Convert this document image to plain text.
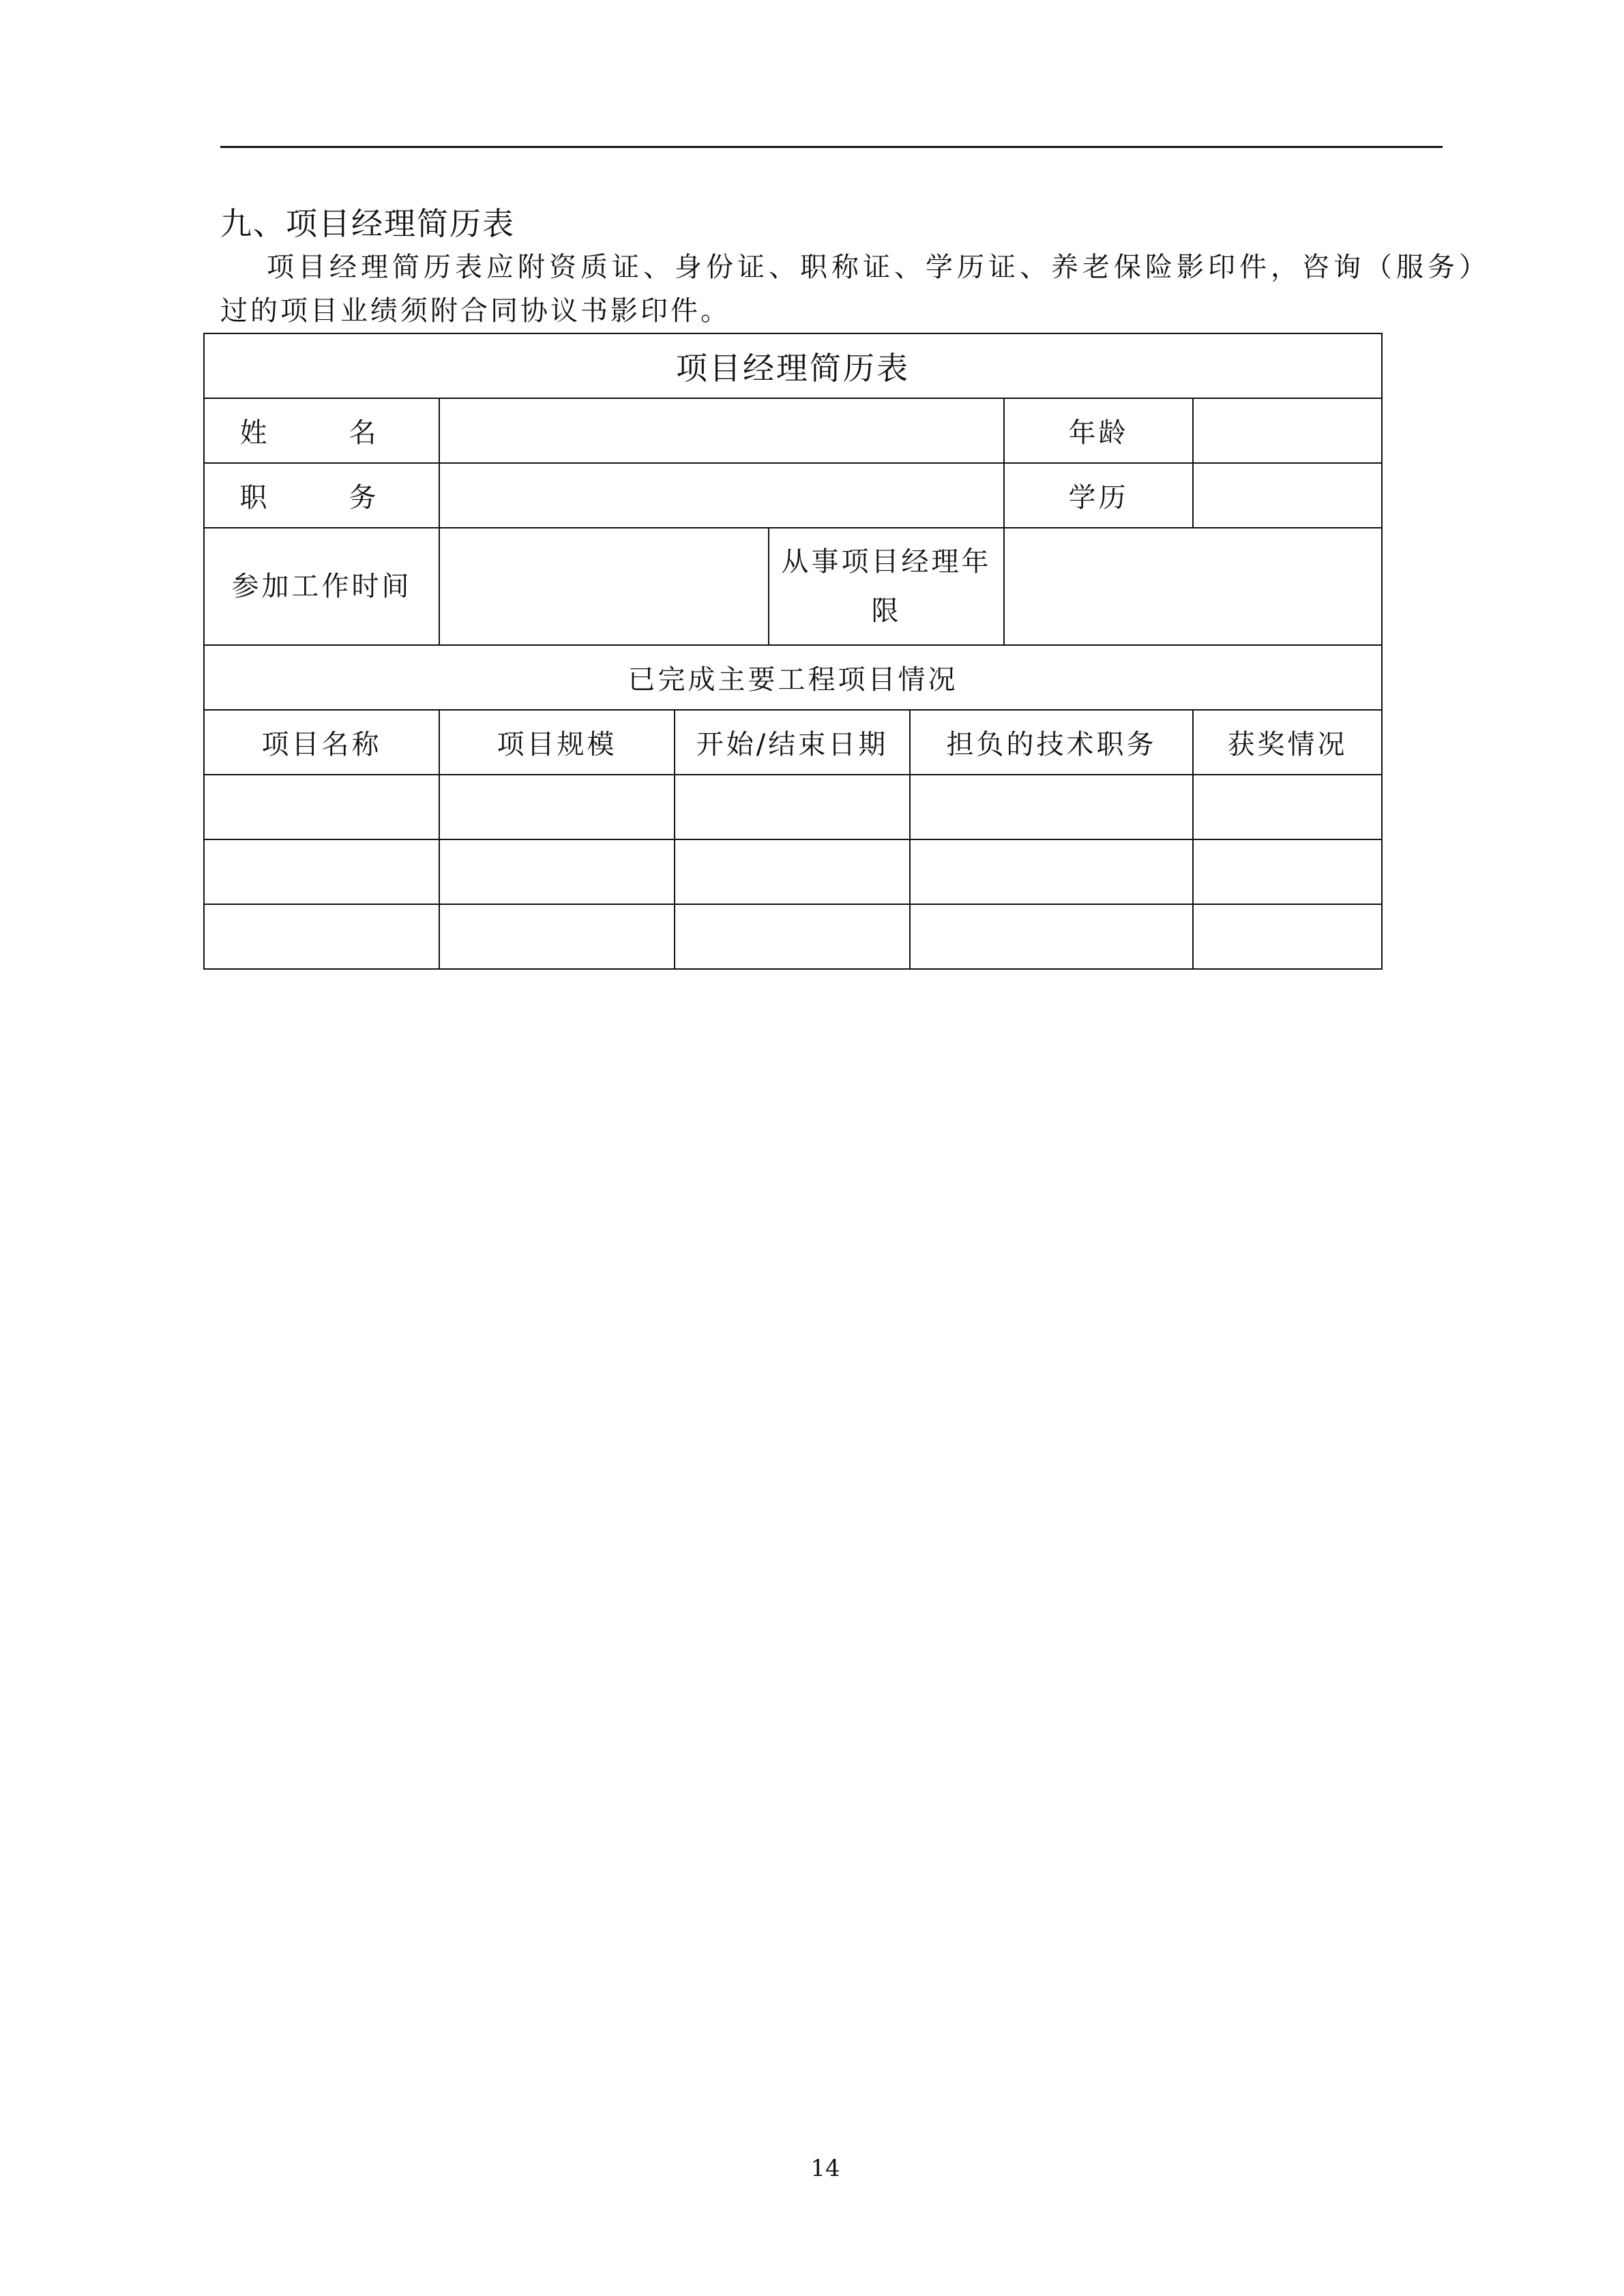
九、项目经理简历表
项目经理简历表应附资质证、身份证、职称证、学历证、养老保险影印件，咨询（服务）
过的项目业绩须附合同协议书影印件。
项目经理简历表						
姓　名					年龄	
职　务					学历	
参加工作时间			从事项目经理年
限			

已完成主要工程项目情况						
项目名称	项目规模	开始/结束日期		担负的技术职务		获奖情况

14
